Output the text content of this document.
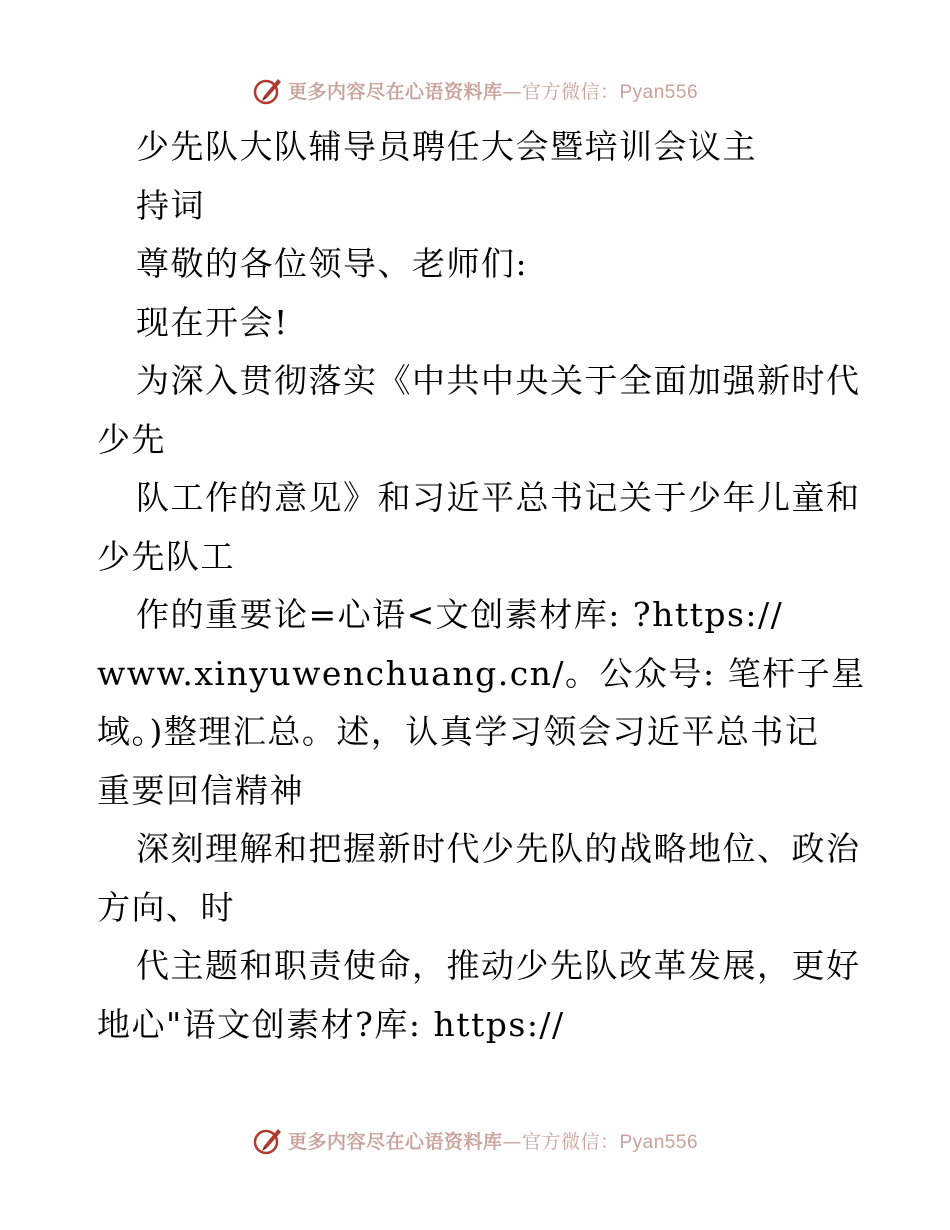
更多内容尽在心语资料库—官方微信：Pyan556
少先队大队辅导员聘任大会暨培训会议主
持词
尊敬的各位领导、老师们:
现在开会!
为深入贯彻落实《中共中央关于全面加强新时代
少先
队工作的意见》和习近平总书记关于少年儿童和
少先队工
作的重要论=心语<文创素材库: ?https://
www.xinyuwenchuang.cn/。公众号: 笔杆子星
域。)整理汇总。述，认真学习领会习近平总书记
重要回信精神
深刻理解和把握新时代少先队的战略地位、政治
方向、时
代主题和职责使命，推动少先队改革发展，更好
地心"语文创素材?库: https://
更多内容尽在心语资料库—官方微信：Pyan556
